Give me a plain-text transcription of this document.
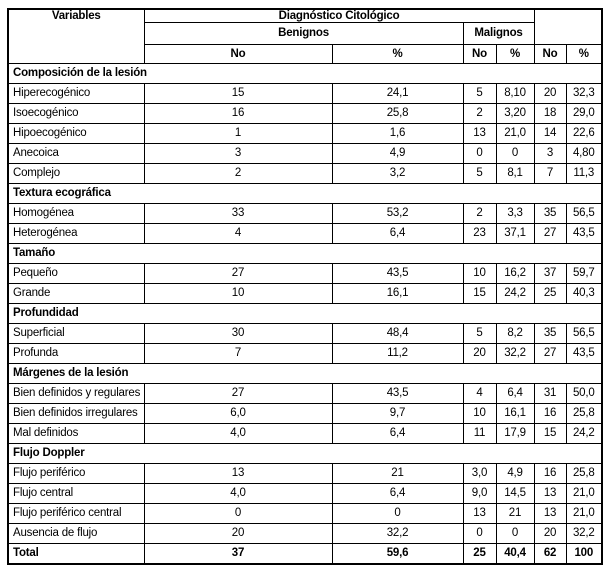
Variables	Diagnóstico Citológico					
	Benignos		Malignos			
	No	%	No	%	No	%
Composición de la lesión						
Hiperecogénico	15	24,1	5	8,10	20	32,3
Isoecogénico	16	25,8	2	3,20	18	29,0
Hipoecogénico	1	1,6	13	21,0	14	22,6
Anecoica	3	4,9	0	0	3	4,80
Complejo	2	3,2	5	8,1	7	11,3
Textura ecográfica						
Homogénea	33	53,2	2	3,3	35	56,5
Heterogénea	4	6,4	23	37,1	27	43,5
Tamaño						
Pequeño	27	43,5	10	16,2	37	59,7
Grande	10	16,1	15	24,2	25	40,3
Profundidad						
Superficial	30	48,4	5	8,2	35	56,5
Profunda	7	11,2	20	32,2	27	43,5
Márgenes de la lesión						
Bien definidos y regulares	27	43,5	4	6,4	31	50,0
Bien definidos irregulares	6,0	9,7	10	16,1	16	25,8
Mal definidos	4,0	6,4	11	17,9	15	24,2
Flujo Doppler						
Flujo periférico	13	21	3,0	4,9	16	25,8
Flujo central	4,0	6,4	9,0	14,5	13	21,0
Flujo periférico central	0	0	13	21	13	21,0
Ausencia de flujo	20	32,2	0	0	20	32,2
Total	37	59,6	25	40,4	62	100
